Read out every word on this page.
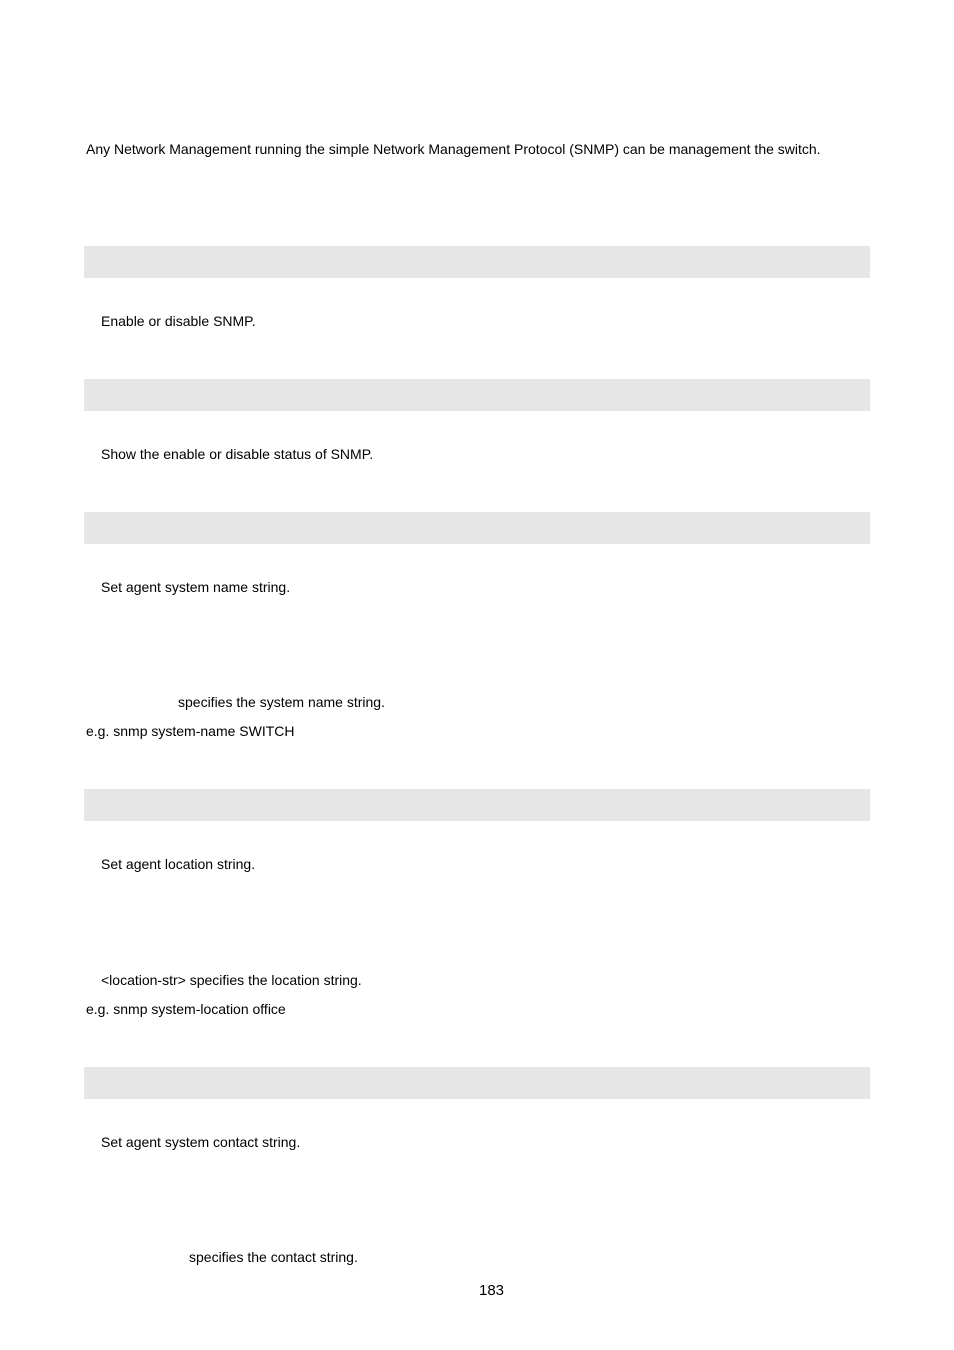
Any Network Management running the simple Network Management Protocol (SNMP) can be management the switch.

Enable or disable SNMP.

Show the enable or disable status of SNMP.

Set agent system name string.

specifies the system name string.

e.g. snmp system-name SWITCH

Set agent location string.

<location-str> specifies the location string.

e.g. snmp system-location office

Set agent system contact string.

specifies the contact string.

183
